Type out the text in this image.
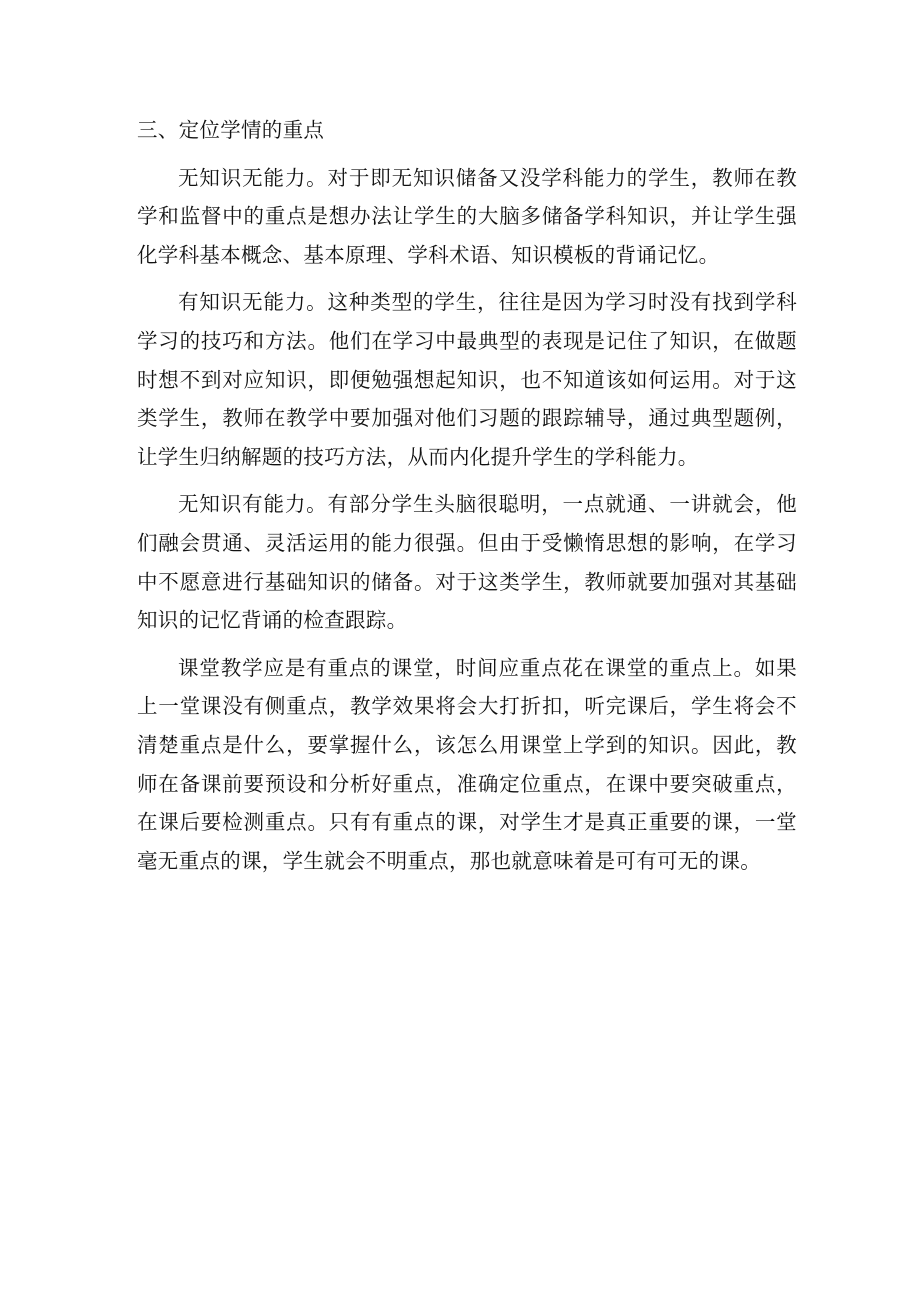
三、定位学情的重点

无知识无能力。对于即无知识储备又没学科能力的学生，教师在教学和监督中的重点是想办法让学生的大脑多储备学科知识，并让学生强化学科基本概念、基本原理、学科术语、知识模板的背诵记忆。

有知识无能力。这种类型的学生，往往是因为学习时没有找到学科学习的技巧和方法。他们在学习中最典型的表现是记住了知识，在做题时想不到对应知识，即便勉强想起知识，也不知道该如何运用。对于这类学生，教师在教学中要加强对他们习题的跟踪辅导，通过典型题例，让学生归纳解题的技巧方法，从而内化提升学生的学科能力。

无知识有能力。有部分学生头脑很聪明，一点就通、一讲就会，他们融会贯通、灵活运用的能力很强。但由于受懒惰思想的影响，在学习中不愿意进行基础知识的储备。对于这类学生，教师就要加强对其基础知识的记忆背诵的检查跟踪。

课堂教学应是有重点的课堂，时间应重点花在课堂的重点上。如果上一堂课没有侧重点，教学效果将会大打折扣，听完课后，学生将会不清楚重点是什么，要掌握什么，该怎么用课堂上学到的知识。因此，教师在备课前要预设和分析好重点，准确定位重点，在课中要突破重点，在课后要检测重点。只有有重点的课，对学生才是真正重要的课，一堂毫无重点的课，学生就会不明重点，那也就意味着是可有可无的课。
